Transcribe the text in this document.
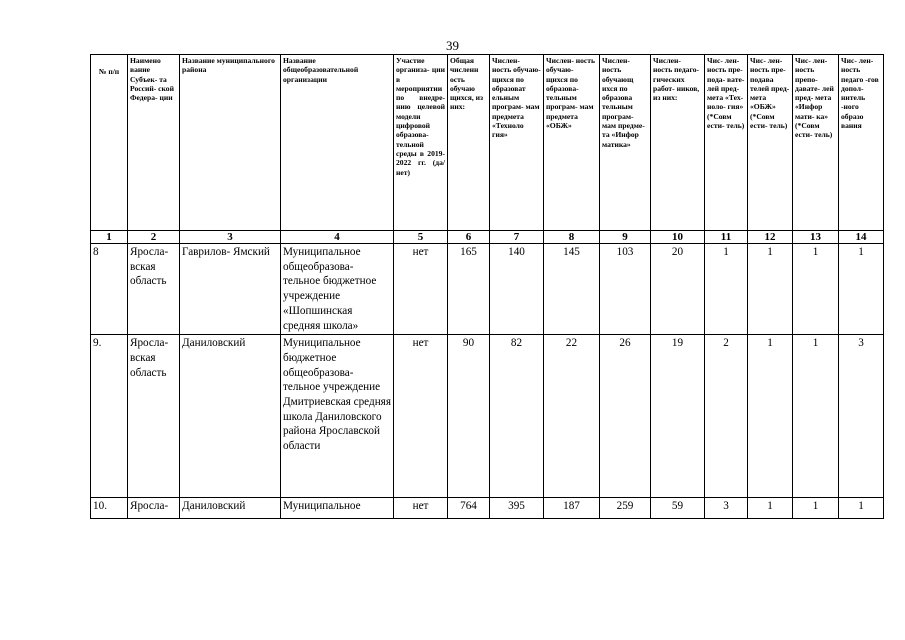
39
№ п/п	Наимено вание Субъек- та Россий- ской Федера- ции	Название муниципального района	Название общеобразовательной организации	Участие организа- ции в мероприятии по внедре- нию целевой модели цифровой образова- тельной среды в 2019-2022 гг. (да/нет)	Общая численн ость обучаю щихся, из них:	Числен- ность обучаю- щихся по образоват ельным програм- мам предмета «Техноло гия»	Числен- ность обучаю- щихся по образова- тельным програм- мам предмета «ОБЖ»	Числен- ность обучающ ихся по образова тельным програм- мам предме- та «Инфор матика»	Числен- ность педаго- гических работ- ников, из них:	Чис- лен- ность пре- пода- вате- лей пред- мета «Тех- ноло- гия» (*Совм ести- тель)	Чис- лен- ность пре- подава телей пред- мета «ОБЖ» (*Совм ести- тель)	Чис- лен- ность препо- давате- лей пред- мета «Инфор мати- ка» (*Совм ести- тель)	Чис- лен- ность педаго -гов допол- нитель -ного образо вания
1	2	3	4	5	6	7	8	9	10	11	12	13	14
8	Яросла- вская область	Гаврилов- Ямский	Муниципальное общеобразова- тельное бюджетное учреждение «Шопшинская средняя школа»	нет	165	140	145	103	20	1	1	1	1
9.	Яросла- вская область	Даниловский	Муниципальное бюджетное общеобразова- тельное учреждение Дмитриевская средняя школа Даниловского района Ярославской области	нет	90	82	22	26	19	2	1	1	3
10.	Яросла-	Даниловский	Муниципальное	нет	764	395	187	259	59	3	1	1	1
